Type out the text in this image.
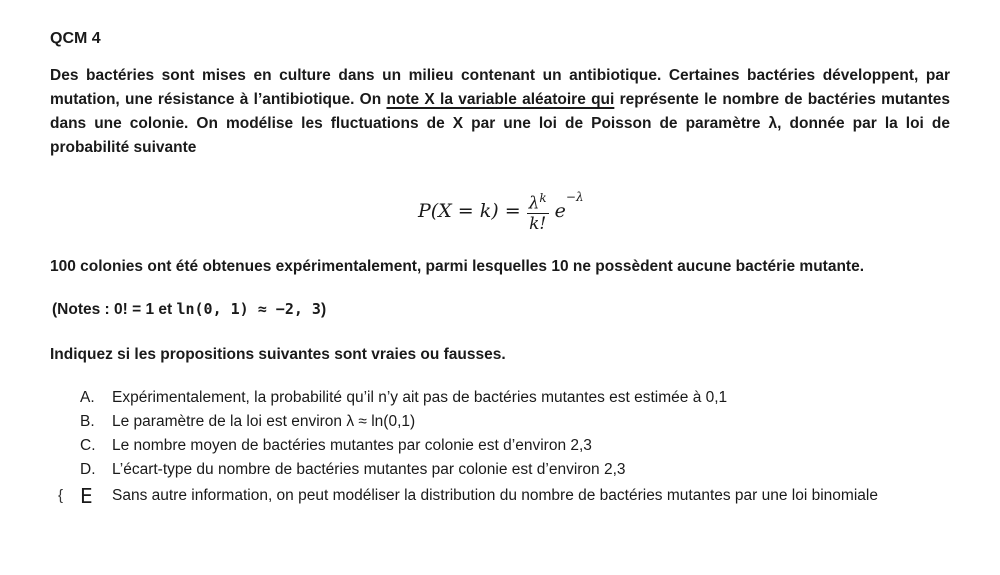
QCM 4
Des bactéries sont mises en culture dans un milieu contenant un antibiotique. Certaines bactéries développent, par mutation, une résistance à l’antibiotique. On note X la variable aléatoire qui représente le nombre de bactéries mutantes dans une colonie. On modélise les fluctuations de X par une loi de Poisson de paramètre λ, donnée par la loi de probabilité suivante
$P(X = k) = \frac{\lambda^k}{k!}$ e
−λ
100 colonies ont été obtenues expérimentalement, parmi lesquelles 10 ne possèdent aucune bactérie mutante.
(Notes : 0! = 1 et ln(0, 1) ≈ −2, 3)
Indiquez si les propositions suivantes sont vraies ou fausses.
A.	Expérimentalement, la probabilité qu’il n’y ait pas de bactéries mutantes est estimée à 0,1
B.	Le paramètre de la loi est environ λ ≈ ln(0,1)
C.	Le nombre moyen de bactéries mutantes par colonie est d’environ 2,3
D.	L’écart-type du nombre de bactéries mutantes par colonie est d’environ 2,3
{ E	Sans autre information, on peut modéliser la distribution du nombre de bactéries mutantes par une loi binomiale
